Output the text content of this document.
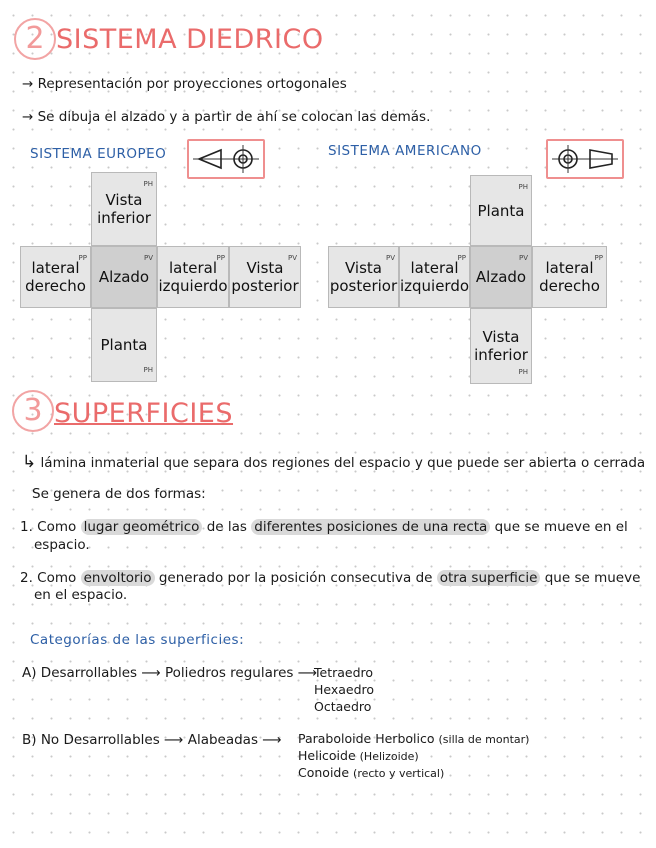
2 SISTEMA DIEDRICO
→ Representación por proyecciones ortogonales
→ Se dibuja el alzado y a partir de ahí se colocan las demás.
SISTEMA EUROPEO	SISTEMA AMERICANO
Vista inferior
PH
lateral derecho
PP
Alzado
PV
lateral izquierdo
PP
Vista posterior
PV
Planta
PH
Planta
PH
Vista posterior
PV
lateral izquierdo
PP
Alzado
PV
lateral derecho
PP
Vista inferior
PH
3 SUPERFICIES
↳ lámina inmaterial que separa dos regiones del espacio y que puede ser abierta o cerrada
Se genera de dos formas:
1. Como lugar geométrico de las diferentes posiciones de una recta que se mueve en el
espacio.
2. Como envoltorio generado por la posición consecutiva de otra superficie que se mueve
en el espacio.
Categorías de las superficies:
A) Desarrollables ⟶ Poliedros regulares ⟶
Tetraedro
Hexaedro
Octaedro
B) No Desarrollables ⟶ Alabeadas ⟶ Paraboloide Herbolico (silla de montar)
Helicoide (Helizoide)
Conoide (recto y vertical)
